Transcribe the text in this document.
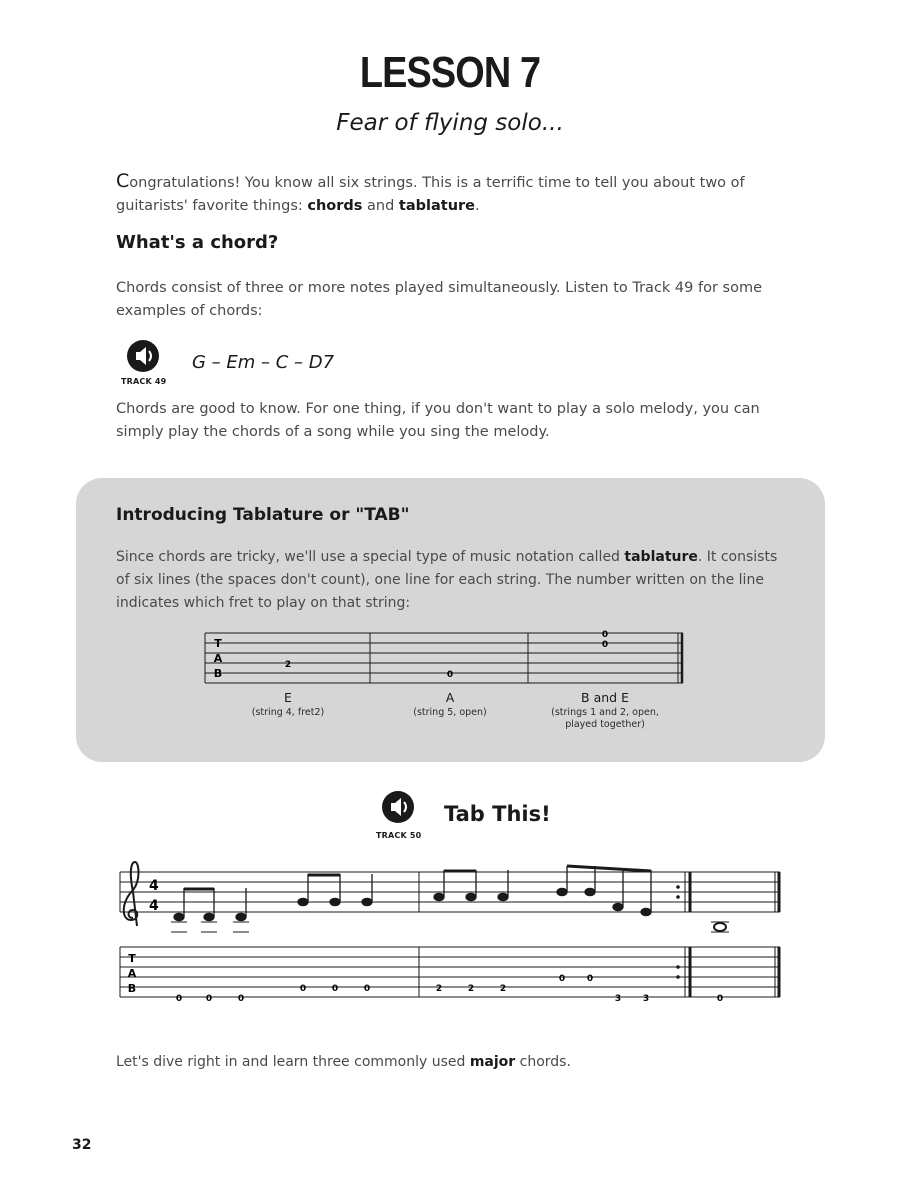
LESSON 7
Fear of flying solo...
Congratulations! You know all six strings. This is a terrific time to tell you about two of guitarists' favorite things: chords and tablature.
What's a chord?
Chords consist of three or more notes played simultaneously. Listen to Track 49 for some examples of chords:
TRACK 49
G – Em – C – D7
Chords are good to know. For one thing, if you don't want to play a solo melody, you can simply play the chords of a song while you sing the melody.
Introducing Tablature or "TAB"
Since chords are tricky, we'll use a special type of music notation called tablature. It consists of six lines (the spaces don't count), one line for each string. The number written on the line indicates which fret to play on that string:
T
A
B
2
0
0
0
E
(string 4, fret2)
A
(string 5, open)
B and E
(strings 1 and 2, open,
played together)
TRACK 50
Tab This!
4
4
T
A
B
0	0	0
0	0	0	2	2	2
0 0
3 3	0
Let's dive right in and learn three commonly used major chords.
32
